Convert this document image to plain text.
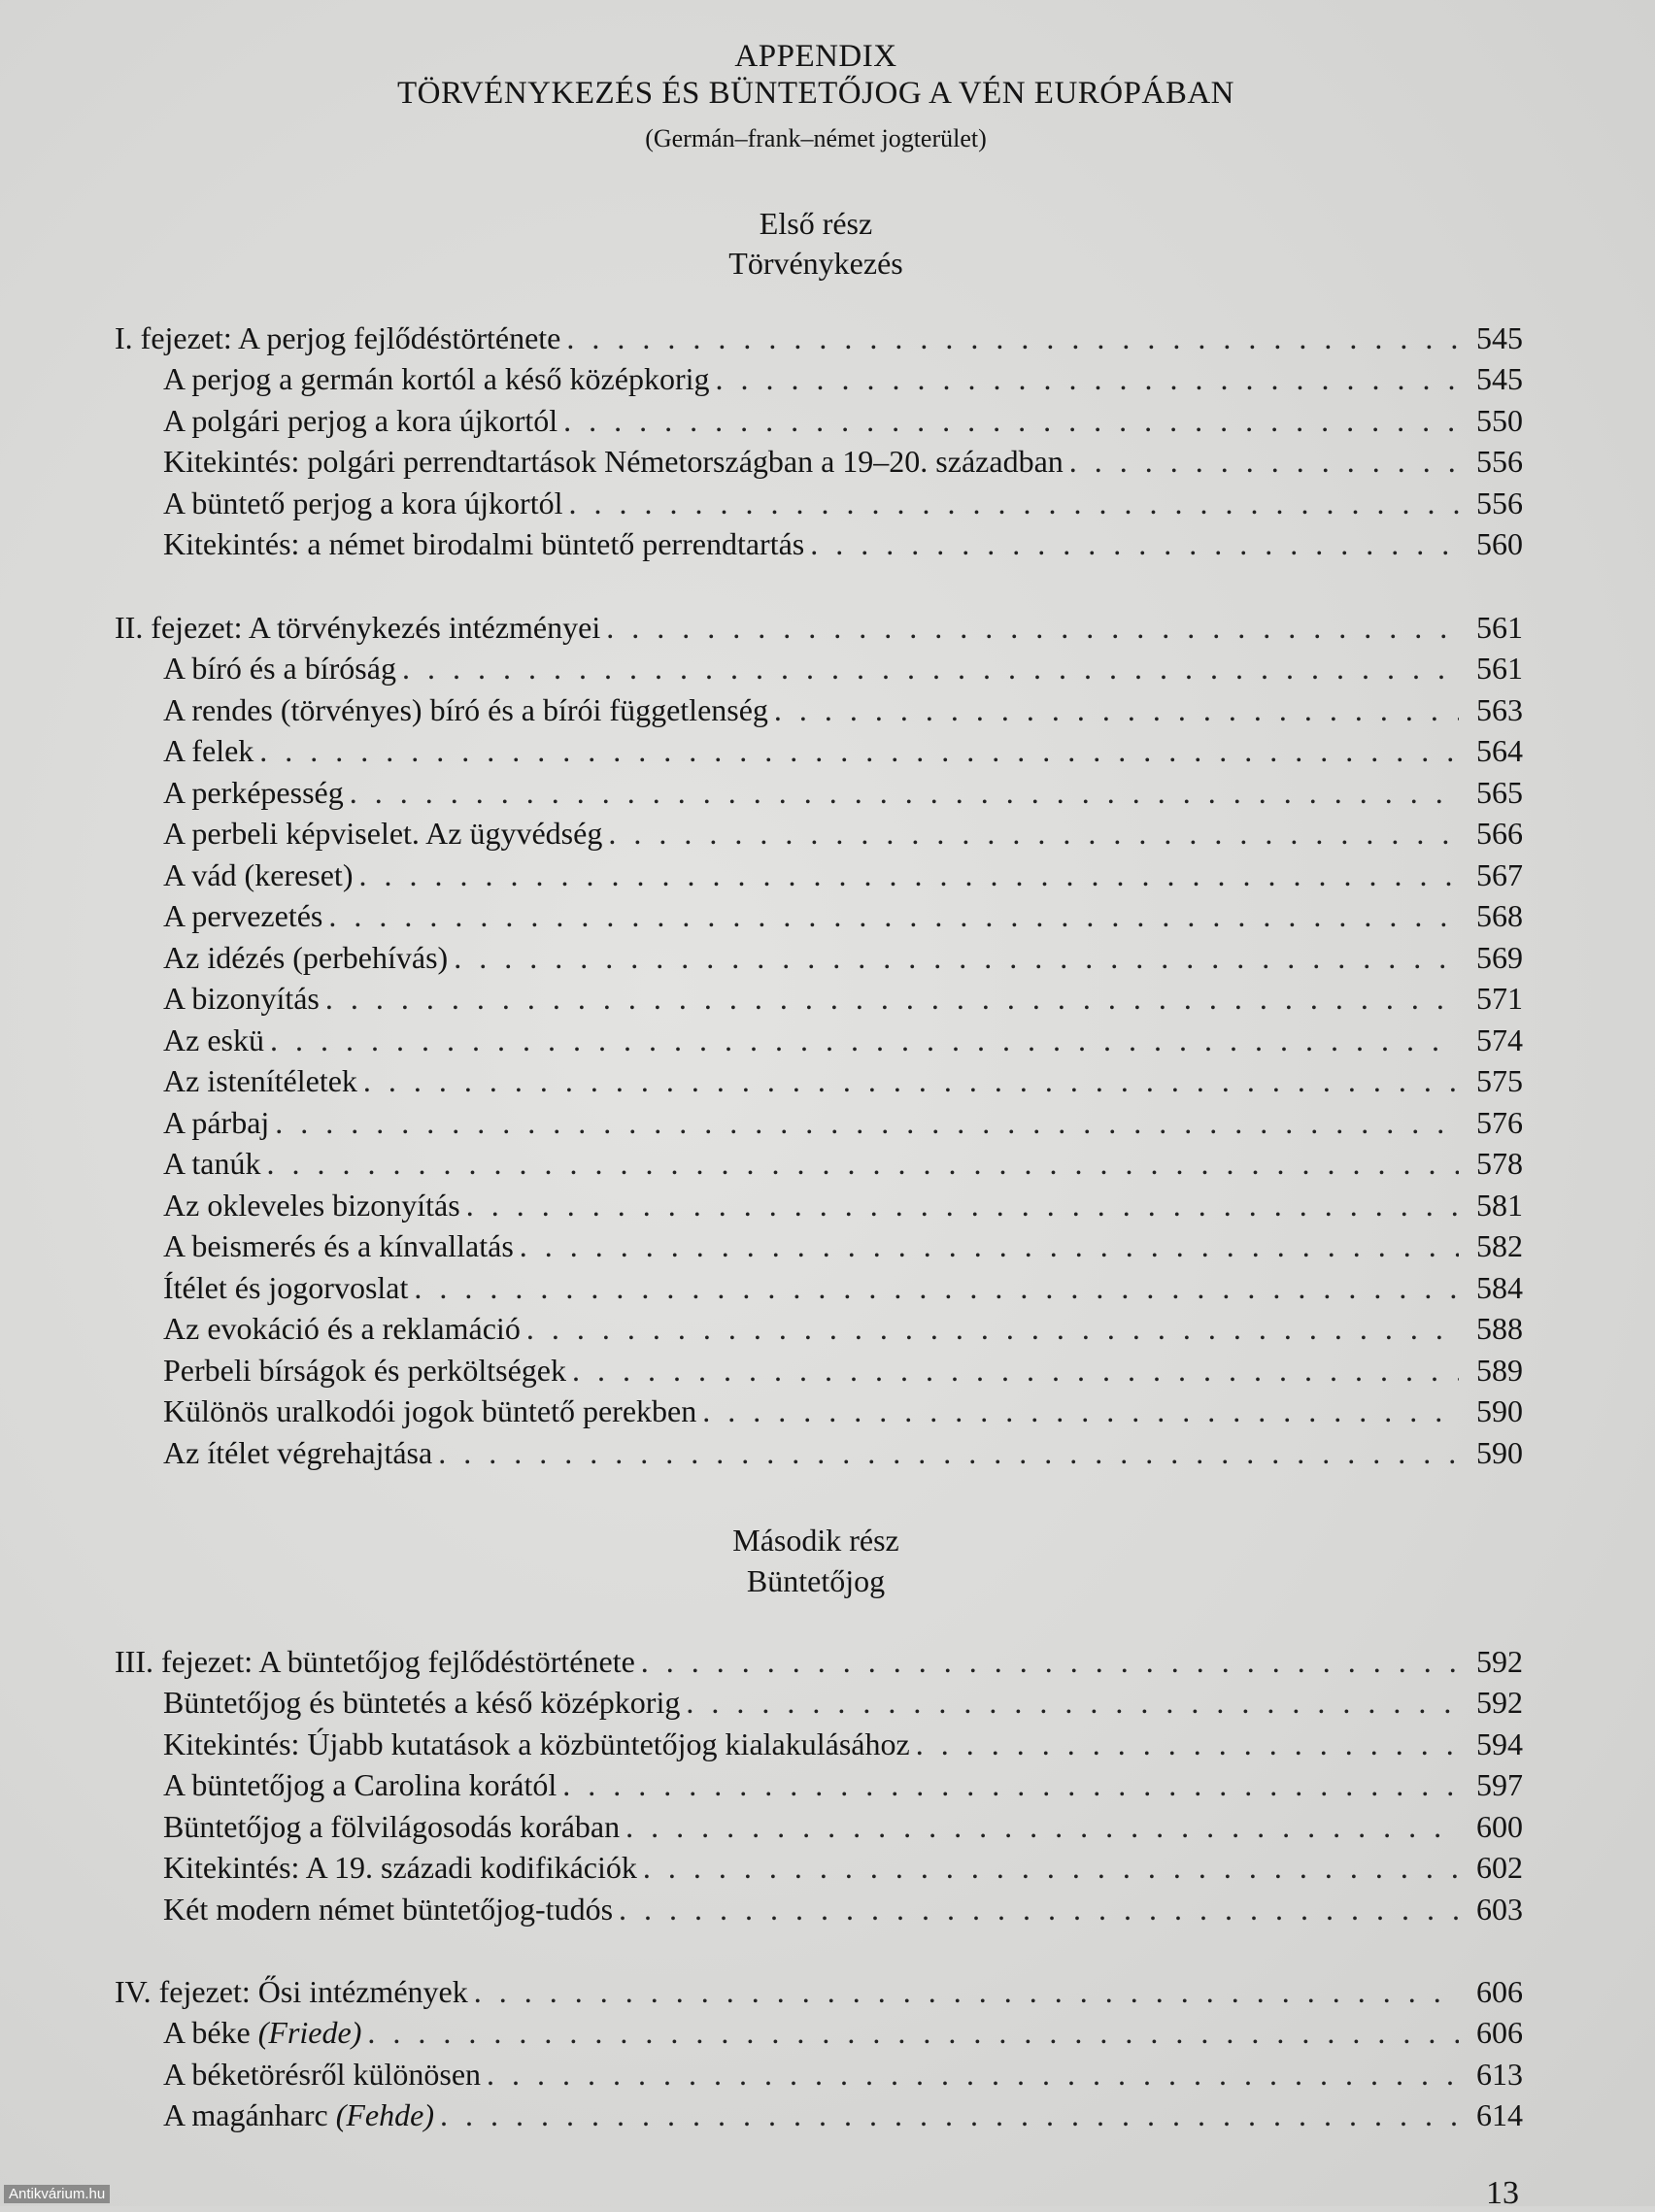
APPENDIX
TÖRVÉNYKEZÉS ÉS BÜNTETŐJOG A VÉN EURÓPÁBAN
(Germán–frank–német jogterület)
Első rész
Törvénykezés
Második rész
Büntetőjog
I. fejezet: A perjog fejlődéstörténete . . .	545
A perjog a germán kortól a késő középkorig . . .	545
A polgári perjog a kora újkortól . . .	550
Kitekintés: polgári perrendtartások Németországban a 19–20. században . . .	556
A büntető perjog a kora újkortól . . .	556
Kitekintés: a német birodalmi büntető perrendtartás . . .	560
II. fejezet: A törvénykezés intézményei . . .	561
A bíró és a bíróság . . .	561
A rendes (törvényes) bíró és a bírói függetlenség . . .	563
A felek . . .	564
A perképesség . . .	565
A perbeli képviselet. Az ügyvédség . . .	566
A vád (kereset) . . .	567
A pervezetés . . .	568
Az idézés (perbehívás) . . .	569
A bizonyítás . . .	571
Az eskü . . .	574
Az istenítéletek . . .	575
A párbaj . . .	576
A tanúk . . .	578
Az okleveles bizonyítás . . .	581
A beismerés és a kínvallatás . . .	582
Ítélet és jogorvoslat . . .	584
Az evokáció és a reklamáció . . .	588
Perbeli bírságok és perköltségek . . .	589
Különös uralkodói jogok büntető perekben . . .	590
Az ítélet végrehajtása . . .	590
III. fejezet: A büntetőjog fejlődéstörténete . . .	592
Büntetőjog és büntetés a késő középkorig . . .	592
Kitekintés: Újabb kutatások a közbüntetőjog kialakulásához . . .	594
A büntetőjog a Carolina korától . . .	597
Büntetőjog a fölvilágosodás korában . . .	600
Kitekintés: A 19. századi kodifikációk . . .	602
Két modern német büntetőjog-tudós . . .	603
IV. fejezet: Ősi intézmények . . .	606
A béke (Friede) . . .	606
A béketörésről különösen . . .	613
A magánharc (Fehde) . . .	614
13
Antikvárium.hu
